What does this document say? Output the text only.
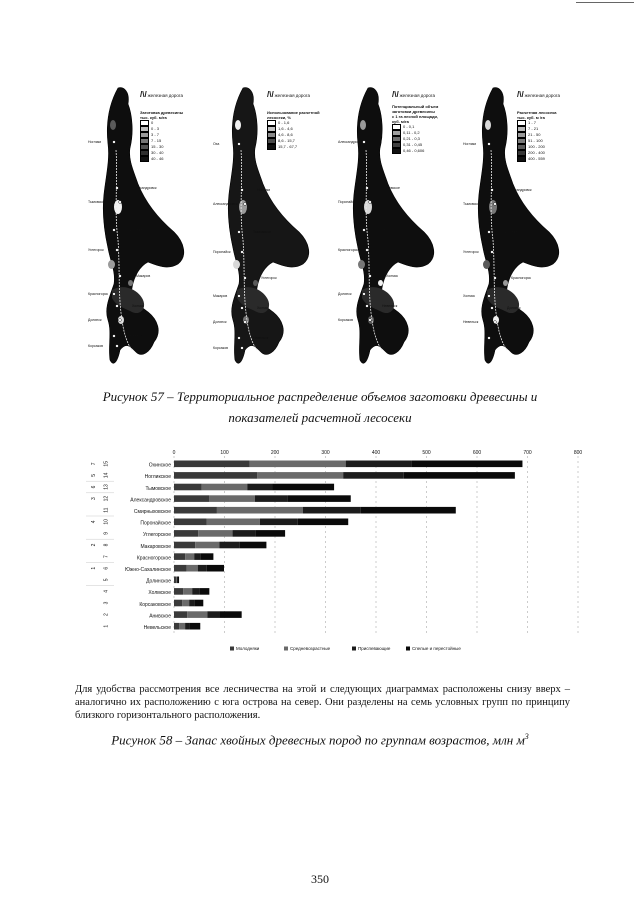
Ноглики
Александровск
Тымовское
Поронайск
Углегорск
Макаров
Красногорск
Холмск
Долинск
Невельск
Корсаков
/\/железная дорога
Заготовка древесины
тыс. куб. м/га
0
0 - 3
3 - 7
7 - 15
15 - 30
30 - 40
40 - 46
Оха
Ноглики
Александровск
Тымовское
Поронайск
Углегорск
Макаров
Холмск
Долинск
Невельск
Корсаков
/\/железная дорога
Использование расчетной
лесосеки, %
0 - 1,6
1,6 - 4,6
4,6 - 8,6
8,6 - 15,7
15,7 - 67,7
Александровск
Тымовское
Поронайск
Углегорск
Красногорск
Холмск
Долинск
Невельск
Корсаков
/\/железная дорога
Потенциальный объем
заготовки древесины
с 1 га лесной площади,
куб. м/га
0 - 0,1
0,11 - 0,2
0,21 - 0,3
0,31 - 0,45
0,46 - 0,606
Ноглики
Александровск
Тымовское
Поронайск
Углегорск
Красногорск
Холмск
Долинск
Невельск
Корсаков
/\/железная дорога
Расчетная лесосека
тыс. куб. м /га
1 - 7
7 - 21
21 - 50
51 - 100
100 - 200
200 - 400
400 - 559
Рисунок 57 – Территориальное распределение объемов заготовки древесины и
показателей расчетной лесосеки
0	100	200	300	400	500	600	700	800
Охинское
7 15
Ногликское
5 14
Тымовское
6 13
Александровское
3 12
Смирныховское
11
Поронайское
4 10
Углегорское
9
Макаровское
2 8
Красногорское
7
Южно-Сахалинское
1 6
Долинское
5
Холмское
4
Корсаковское
3
Анивское
2
Невельское
1
Молодняки	Средневозрастные	Приспевающие	Спелые и перестойные
Для удобства рассмотрения все лесничества на этой и следующих диаграммах расположены снизу вверх – аналогично их расположению с юга острова на север. Они разделены на семь условных групп по принципу близкого горизонтального расположения.
Рисунок 58 – Запас хвойных древесных пород по группам возрастов, млн $м^3$
350
